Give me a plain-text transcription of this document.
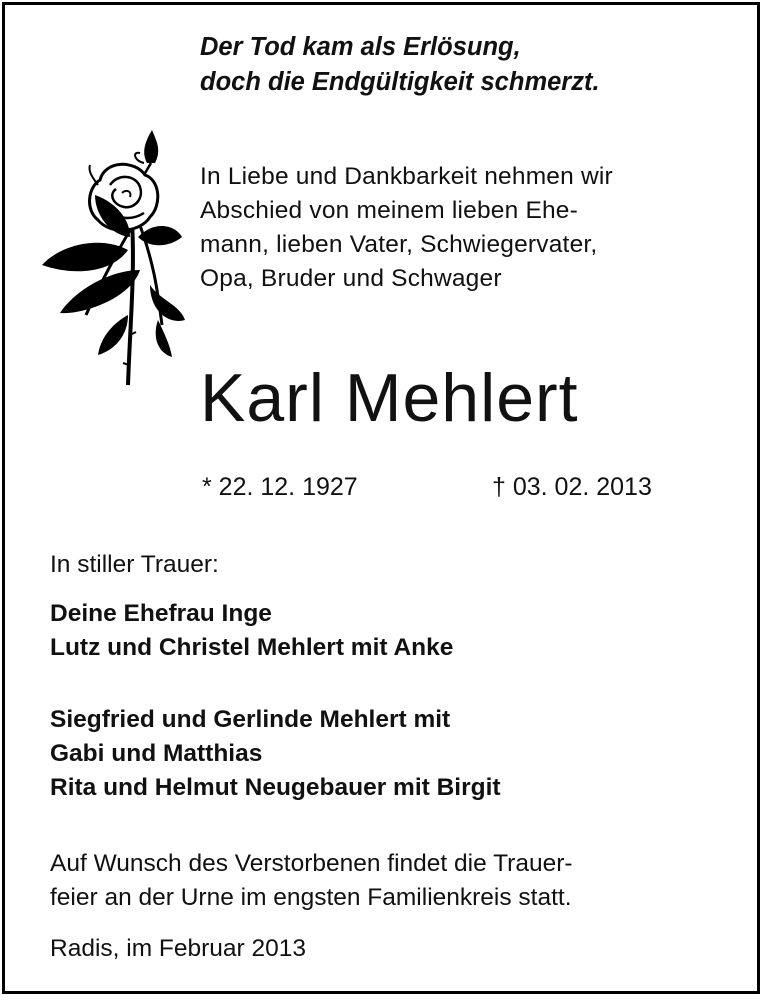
Der Tod kam als Erlösung,
doch die Endgültigkeit schmerzt.

In Liebe und Dankbarkeit nehmen wir
Abschied von meinem lieben Ehe-
mann, lieben Vater, Schwiegervater,
Opa, Bruder und Schwager

Karl Mehlert
* 22. 12. 1927	† 03. 02. 2013
In stiller Trauer:
Deine Ehefrau Inge
Lutz und Christel Mehlert mit Anke
Siegfried und Gerlinde Mehlert mit
Gabi und Matthias
Rita und Helmut Neugebauer mit Birgit

Auf Wunsch des Verstorbenen findet die Trauer-
feier an der Urne im engsten Familienkreis statt.

Radis, im Februar 2013
